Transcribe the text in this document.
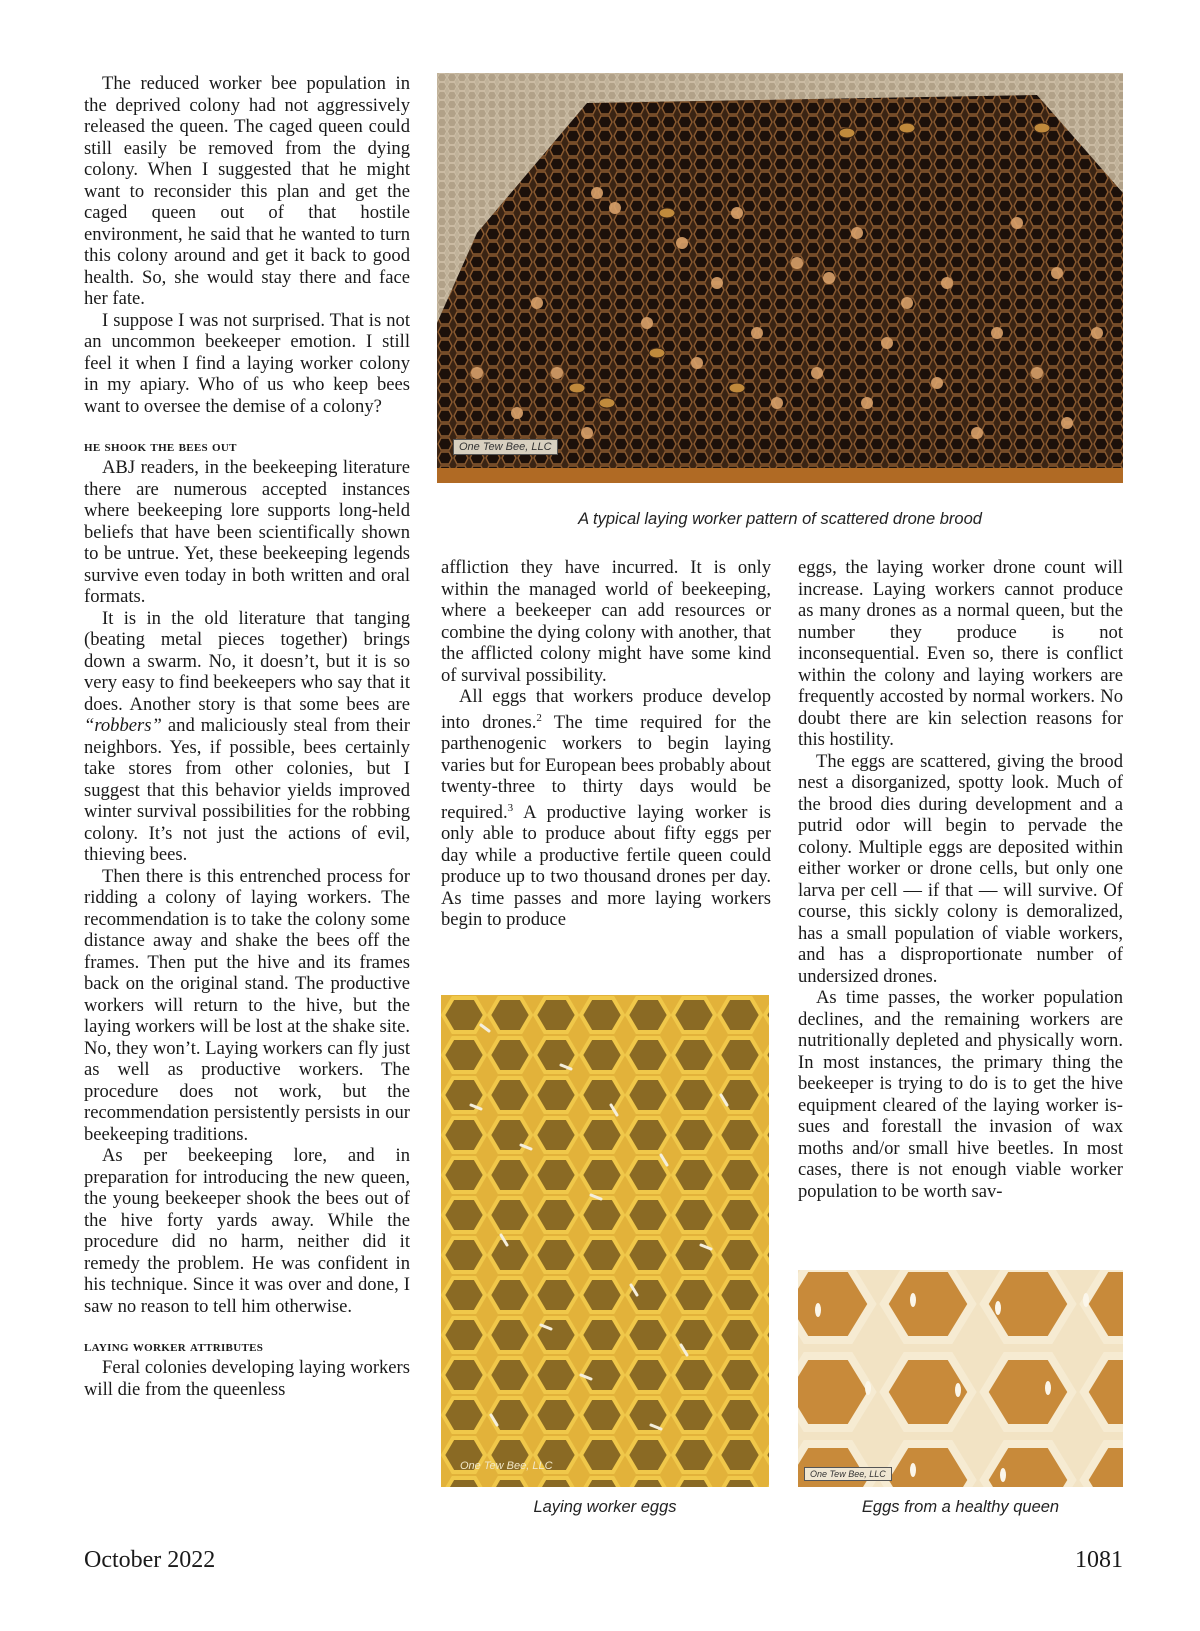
The reduced worker bee population in the deprived colony had not aggressively released the queen. The caged queen could still easily be removed from the dying colony. When I suggested that he might want to reconsider this plan and get the caged queen out of that hostile environment, he said that he wanted to turn this colony around and get it back to good health. So, she would stay there and face her fate.

I suppose I was not surprised. That is not an uncommon beekeeper emotion. I still feel it when I find a laying worker colony in my apiary. Who of us who keep bees want to oversee the demise of a colony?

he shook the bees out

ABJ readers, in the beekeeping literature there are numerous accepted instances where beekeeping lore supports long-held beliefs that have been scientifically shown to be untrue. Yet, these beekeeping legends survive even today in both written and oral formats.

It is in the old literature that tanging (beating metal pieces together) brings down a swarm. No, it doesn’t, but it is so very easy to find beekeepers who say that it does. Another story is that some bees are “robbers” and maliciously steal from their neighbors. Yes, if possible, bees certainly take stores from other colonies, but I suggest that this behavior yields improved winter survival possibilities for the robbing colony. It’s not just the actions of evil, thieving bees.

Then there is this entrenched process for ridding a colony of laying workers. The recommendation is to take the colony some distance away and shake the bees off the frames. Then put the hive and its frames back on the original stand. The productive workers will return to the hive, but the laying workers will be lost at the shake site. No, they won’t. Laying workers can fly just as well as productive workers. The procedure does not work, but the recommendation persistently persists in our beekeeping traditions.

As per beekeeping lore, and in preparation for introducing the new queen, the young beekeeper shook the bees out of the hive forty yards away. While the procedure did no harm, neither did it remedy the problem. He was confident in his technique. Since it was over and done, I saw no reason to tell him otherwise.

laying worker attributes

Feral colonies developing laying workers will die from the queenless

One Tew Bee, LLC
A typical laying worker pattern of scattered drone brood

affliction they have incurred. It is only within the managed world of beekeeping, where a beekeeper can add resources or combine the dying colony with another, that the afflicted colony might have some kind of survival possibility.

All eggs that workers produce develop into drones.$^2$ The time required for the parthenogenic workers to begin laying varies but for European bees probably about twenty-three to thirty days would be required.$^3$ A productive laying worker is only able to produce about fifty eggs per day while a productive fertile queen could produce up to two thousand drones per day. As time passes and more laying workers begin to produce

One Tew Bee, LLC
Laying worker eggs

eggs, the laying worker drone count will increase. Laying workers cannot produce as many drones as a normal queen, but the number they produce is not inconsequential. Even so, there is conflict within the colony and laying workers are frequently accosted by normal workers. No doubt there are kin selection reasons for this hostility.

The eggs are scattered, giving the brood nest a disorganized, spotty look. Much of the brood dies during development and a putrid odor will begin to pervade the colony. Multiple eggs are deposited within either worker or drone cells, but only one larva per cell — if that — will survive. Of course, this sickly colony is demoralized, has a small population of viable workers, and has a disproportionate number of undersized drones.

As time passes, the worker population declines, and the remaining workers are nutritionally depleted and physically worn. In most instances, the primary thing the beekeeper is trying to do is to get the hive equipment cleared of the laying worker issues and forestall the invasion of wax moths and/or small hive beetles. In most cases, there is not enough viable worker population to be worth sav-

One Tew Bee, LLC
Eggs from a healthy queen
October 2022	1081
